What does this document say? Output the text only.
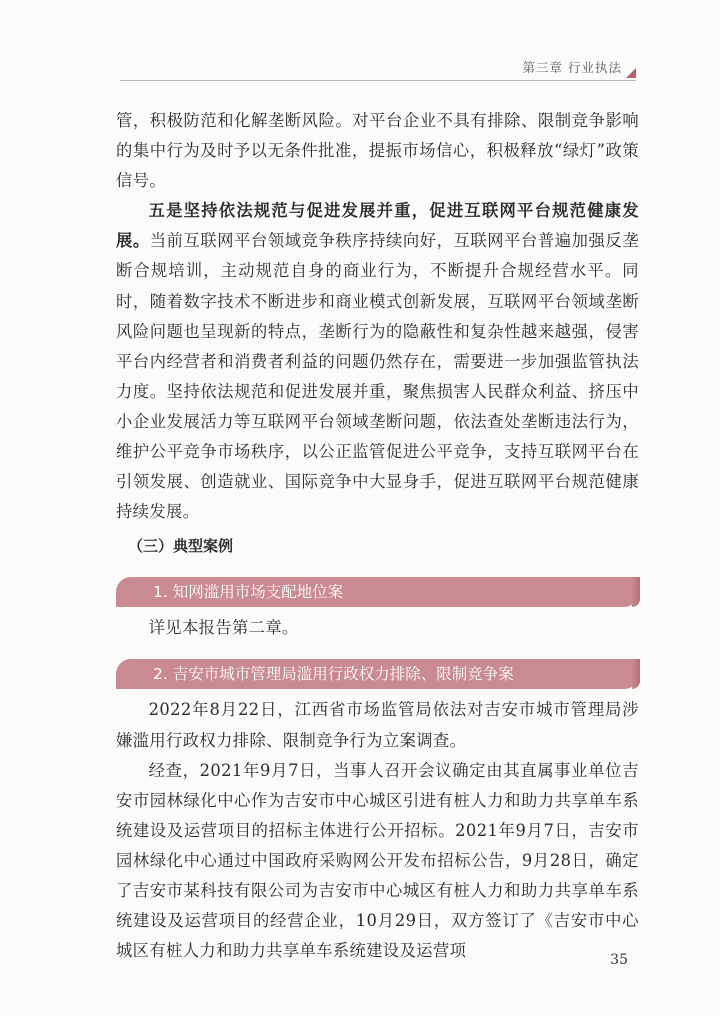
第三章 行业执法

管，积极防范和化解垄断风险。对平台企业不具有排除、限制竞争影响的集中行为及时予以无条件批准，提振市场信心，积极释放“绿灯”政策信号。

五是坚持依法规范与促进发展并重，促进互联网平台规范健康发展。当前互联网平台领域竞争秩序持续向好，互联网平台普遍加强反垄断合规培训，主动规范自身的商业行为，不断提升合规经营水平。同时，随着数字技术不断进步和商业模式创新发展，互联网平台领域垄断风险问题也呈现新的特点，垄断行为的隐蔽性和复杂性越来越强，侵害平台内经营者和消费者利益的问题仍然存在，需要进一步加强监管执法力度。坚持依法规范和促进发展并重，聚焦损害人民群众利益、挤压中小企业发展活力等互联网平台领域垄断问题，依法查处垄断违法行为，维护公平竞争市场秩序，以公正监管促进公平竞争，支持互联网平台在引领发展、创造就业、国际竞争中大显身手，促进互联网平台规范健康持续发展。

（三）典型案例
1. 知网滥用市场支配地位案

详见本报告第二章。

2. 吉安市城市管理局滥用行政权力排除、限制竞争案

2022年8月22日，江西省市场监管局依法对吉安市城市管理局涉嫌滥用行政权力排除、限制竞争行为立案调查。

经查，2021年9月7日，当事人召开会议确定由其直属事业单位吉安市园林绿化中心作为吉安市中心城区引进有桩人力和助力共享单车系统建设及运营项目的招标主体进行公开招标。2021年9月7日，吉安市园林绿化中心通过中国政府采购网公开发布招标公告，9月28日，确定了吉安市某科技有限公司为吉安市中心城区有桩人力和助力共享单车系统建设及运营项目的经营企业，10月29日，双方签订了《吉安市中心城区有桩人力和助力共享单车系统建设及运营项	35
